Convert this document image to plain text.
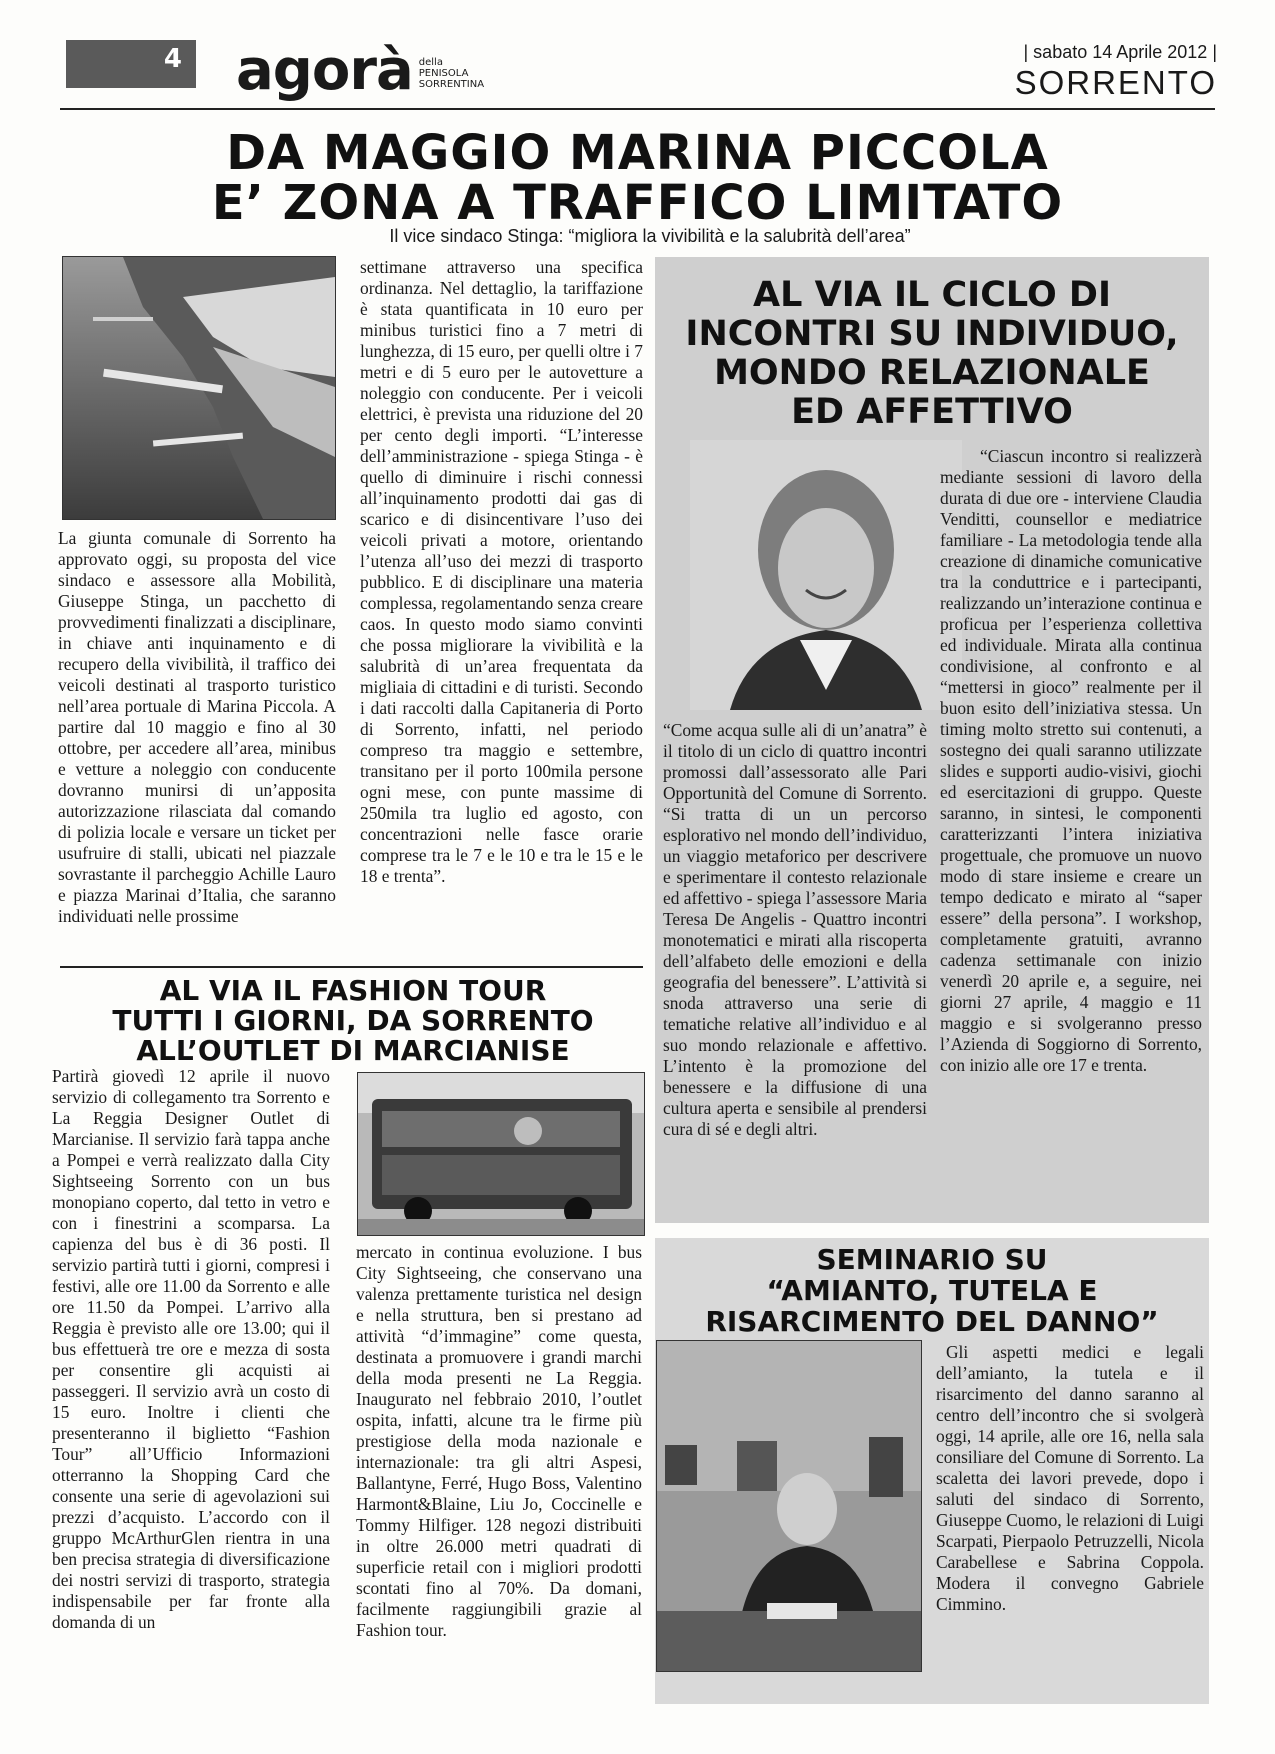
4 agorà della
PENISOLA
SORRENTINA
| sabato 14 Aprile 2012 |
SORRENTO
DA MAGGIO MARINA PICCOLA
E’ ZONA A TRAFFICO LIMITATO
Il vice sindaco Stinga: “migliora la vivibilità e la salubrità dell’area”
La giunta comunale di Sorrento ha approvato oggi, su proposta del vice sindaco e assessore alla Mobilità, Giuseppe Stinga, un pacchetto di provvedimenti finalizzati a disciplinare, in chiave anti inquinamento e di recupero della vivibilità, il traffico dei veicoli destinati al trasporto turistico nell’area portuale di Marina Piccola. A partire dal 10 maggio e fino al 30 ottobre, per accedere all’area, minibus e vetture a noleggio con conducente dovranno munirsi di un’apposita autorizzazione rilasciata dal comando di polizia locale e versare un ticket per usufruire di stalli, ubicati nel piazzale sovrastante il parcheggio Achille Lauro e piazza Marinai d’Italia, che saranno individuati nelle prossime
settimane attraverso una specifica ordinanza. Nel dettaglio, la tariffazione è stata quantificata in 10 euro per minibus turistici fino a 7 metri di lunghezza, di 15 euro, per quelli oltre i 7 metri e di 5 euro per le autovetture a noleggio con conducente. Per i veicoli elettrici, è prevista una riduzione del 20 per cento degli importi. “L’interesse dell’amministrazione - spiega Stinga - è quello di diminuire i rischi connessi all’inquinamento prodotti dai gas di scarico e di disincentivare l’uso dei veicoli privati a motore, orientando l’utenza all’uso dei mezzi di trasporto pubblico. E di disciplinare una materia complessa, regolamentando senza creare caos. In questo modo siamo convinti che possa migliorare la vivibilità e la salubrità di un’area frequentata da migliaia di cittadini e di turisti. Secondo i dati raccolti dalla Capitaneria di Porto di Sorrento, infatti, nel periodo compreso tra maggio e settembre, transitano per il porto 100mila persone ogni mese, con punte massime di 250mila tra luglio ed agosto, con concentrazioni nelle fasce orarie comprese tra le 7 e le 10 e tra le 15 e le 18 e trenta”.
AL VIA IL FASHION TOUR
TUTTI I GIORNI, DA SORRENTO
ALL’OUTLET DI MARCIANISE
Partirà giovedì 12 aprile il nuovo servizio di collegamento tra Sorrento e La Reggia Designer Outlet di Marcianise. Il servizio farà tappa anche a Pompei e verrà realizzato dalla City Sightseeing Sorrento con un bus monopiano coperto, dal tetto in vetro e con i finestrini a scomparsa. La capienza del bus è di 36 posti. Il servizio partirà tutti i giorni, compresi i festivi, alle ore 11.00 da Sorrento e alle ore 11.50 da Pompei. L’arrivo alla Reggia è previsto alle ore 13.00; qui il bus effettuerà tre ore e mezza di sosta per consentire gli acquisti ai passeggeri. Il servizio avrà un costo di 15 euro. Inoltre i clienti che presenteranno il biglietto “Fashion Tour” all’Ufficio Informazioni otterranno la Shopping Card che consente una serie di agevolazioni sui prezzi d’acquisto. L’accordo con il gruppo McArthurGlen rientra in una ben precisa strategia di diversificazione dei nostri servizi di trasporto, strategia indispensabile per far fronte alla domanda di un
mercato in continua evoluzione. I bus City Sightseeing, che conservano una valenza prettamente turistica nel design e nella struttura, ben si prestano ad attività “d’immagine” come questa, destinata a promuovere i grandi marchi della moda presenti ne La Reggia. Inaugurato nel febbraio 2010, l’outlet ospita, infatti, alcune tra le firme più prestigiose della moda nazionale e internazionale: tra gli altri Aspesi, Ballantyne, Ferré, Hugo Boss, Valentino Harmont&Blaine, Liu Jo, Coccinelle e Tommy Hilfiger. 128 negozi distribuiti in oltre 26.000 metri quadrati di superficie retail con i migliori prodotti scontati fino al 70%. Da domani, facilmente raggiungibili grazie al Fashion tour.
AL VIA IL CICLO DI
INCONTRI SU INDIVIDUO,
MONDO RELAZIONALE
ED AFFETTIVO
“Ciascun incontro si realizzerà mediante sessioni di lavoro della durata di due ore - interviene Claudia Venditti, counsellor e mediatrice familiare - La metodologia tende alla creazione di dinamiche comunicative tra la conduttrice e i partecipanti, realizzando un’interazione continua e proficua per l’esperienza collettiva ed individuale. Mirata alla continua condivisione, al confronto e al “mettersi in gioco” realmente per il buon esito dell’iniziativa stessa. Un timing molto stretto sui contenuti, a sostegno dei quali saranno utilizzate slides e supporti audio-visivi, giochi ed esercitazioni di gruppo. Queste saranno, in sintesi, le componenti caratterizzanti l’intera iniziativa progettuale, che promuove un nuovo modo di stare insieme e creare un tempo dedicato e mirato al “saper essere” della persona”. I workshop, completamente gratuiti, avranno cadenza settimanale con inizio venerdì 20 aprile e, a seguire, nei giorni 27 aprile, 4 maggio e 11 maggio e si svolgeranno presso l’Azienda di Soggiorno di Sorrento, con inizio alle ore 17 e trenta.
“Come acqua sulle ali di un’anatra” è il titolo di un ciclo di quattro incontri promossi dall’assessorato alle Pari Opportunità del Comune di Sorrento. “Si tratta di un un percorso esplorativo nel mondo dell’individuo, un viaggio metaforico per descrivere e sperimentare il contesto relazionale ed affettivo - spiega l’assessore Maria Teresa De Angelis - Quattro incontri monotematici e mirati alla riscoperta dell’alfabeto delle emozioni e della geografia del benessere”. L’attività si snoda attraverso una serie di tematiche relative all’individuo e al suo mondo relazionale e affettivo. L’intento è la promozione del benessere e la diffusione di una cultura aperta e sensibile al prendersi cura di sé e degli altri.
SEMINARIO SU
“AMIANTO, TUTELA E
RISARCIMENTO DEL DANNO”
Gli aspetti medici e legali dell’amianto, la tutela e il risarcimento del danno saranno al centro dell’incontro che si svolgerà oggi, 14 aprile, alle ore 16, nella sala consiliare del Comune di Sorrento. La scaletta dei lavori prevede, dopo i saluti del sindaco di Sorrento, Giuseppe Cuomo, le relazioni di Luigi Scarpati, Pierpaolo Petruzzelli, Nicola Carabellese e Sabrina Coppola. Modera il convegno Gabriele Cimmino.
